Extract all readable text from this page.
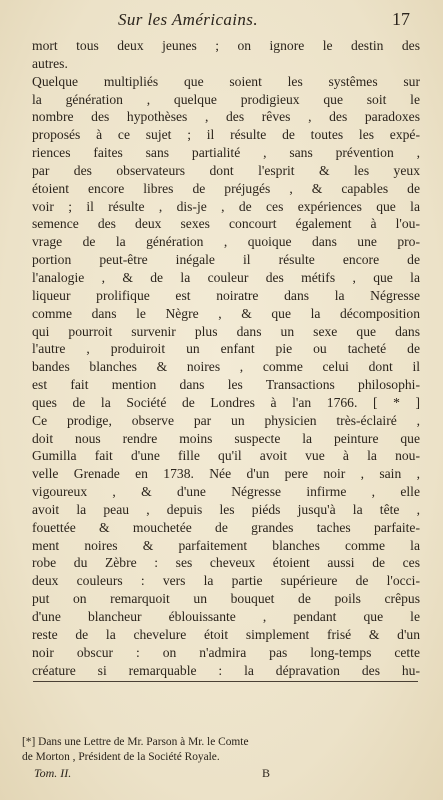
Sur les Américains.	17
mort tous deux jeunes ; on ignore le destin des
autres.
Quelque multipliés que soient les systêmes sur
la génération , quelque prodigieux que soit le
nombre des hypothèses , des rêves , des paradoxes
proposés à ce sujet ; il résulte de toutes les expé-
riences faites sans partialité , sans prévention ,
par des observateurs dont l'esprit & les yeux
étoient encore libres de préjugés , & capables de
voir ; il résulte , dis-je , de ces expériences que la
semence des deux sexes concourt également à l'ou-
vrage de la génération , quoique dans une pro-
portion peut-être inégale il résulte encore de
l'analogie , & de la couleur des métifs , que la
liqueur prolifique est noiratre dans la Négresse
comme dans le Nègre , & que la décomposition
qui pourroit survenir plus dans un sexe que dans
l'autre , produiroit un enfant pie ou tacheté de
bandes blanches & noires , comme celui dont il
est fait mention dans les Transactions philosophi-
ques de la Société de Londres à l'an 1766. [ * ]
Ce prodige, observe par un physicien très-éclairé ,
doit nous rendre moins suspecte la peinture que
Gumilla fait d'une fille qu'il avoit vue à la nou-
velle Grenade en 1738. Née d'un pere noir , sain ,
vigoureux , & d'une Négresse infirme , elle
avoit la peau , depuis les piéds jusqu'à la tête ,
fouettée & mouchetée de grandes taches parfaite-
ment noires & parfaitement blanches comme la
robe du Zèbre : ses cheveux étoient aussi de ces
deux couleurs : vers la partie supérieure de l'occi-
put on remarquoit un bouquet de poils crêpus
d'une blancheur éblouissante , pendant que le
reste de la chevelure étoit simplement frisé & d'un
noir obscur : on n'admira pas long-temps cette
créature si remarquable : la dépravation des hu-
[*] Dans une Lettre de Mr. Parson à Mr. le Comte
de Morton , Président de la Société Royale.
Tom. II.	B
